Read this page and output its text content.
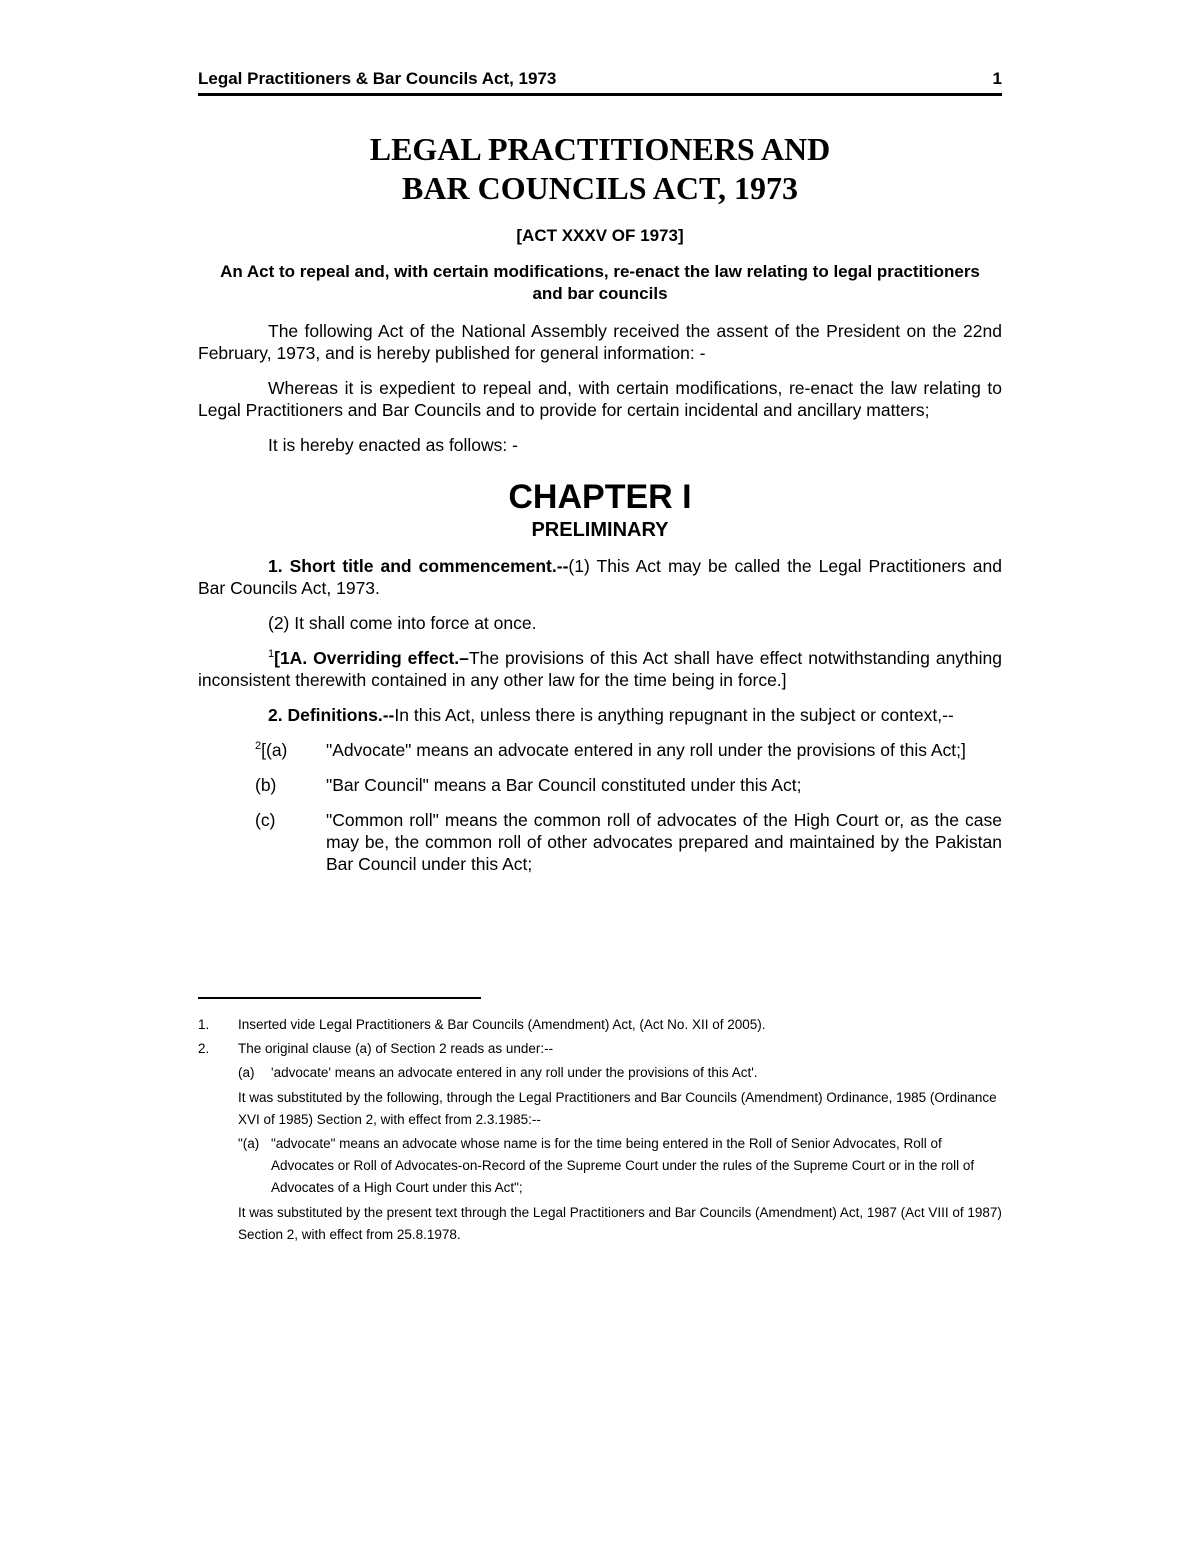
Legal Practitioners & Bar Councils Act, 1973	1
LEGAL PRACTITIONERS AND
BAR COUNCILS ACT, 1973
[ACT XXXV OF 1973]
An Act to repeal and, with certain modifications, re-enact the law relating to legal practitioners and bar councils

The following Act of the National Assembly received the assent of the President on the 22nd February, 1973, and is hereby published for general information: -

Whereas it is expedient to repeal and, with certain modifications, re-enact the law relating to Legal Practitioners and Bar Councils and to provide for certain incidental and ancillary matters;

It is hereby enacted as follows: -

CHAPTER I
PRELIMINARY

1. Short title and commencement.--(1) This Act may be called the Legal Practitioners and Bar Councils Act, 1973.

(2) It shall come into force at once.

$^1$[1A. Overriding effect.–The provisions of this Act shall have effect notwithstanding anything inconsistent therewith contained in any other law for the time being in force.]

2. Definitions.--In this Act, unless there is anything repugnant in the subject or context,--

$^2$[(a)	"Advocate" means an advocate entered in any roll under the provisions of this Act;]
(b)	"Bar Council" means a Bar Council constituted under this Act;
(c)	"Common roll" means the common roll of advocates of the High Court or, as the case may be, the common roll of other advocates prepared and maintained by the Pakistan Bar Council under this Act;
1.	Inserted vide Legal Practitioners & Bar Councils (Amendment) Act, (Act No. XII of 2005).
2.	The original clause (a) of Section 2 reads as under:--
(a)	'advocate' means an advocate entered in any roll under the provisions of this Act'.
It was substituted by the following, through the Legal Practitioners and Bar Councils (Amendment) Ordinance, 1985 (Ordinance XVI of 1985) Section 2, with effect from 2.3.1985:--
"(a) "advocate" means an advocate whose name is for the time being entered in the Roll of Senior Advocates, Roll of Advocates or Roll of Advocates-on-Record of the Supreme Court under the rules of the Supreme Court or in the roll of Advocates of a High Court under this Act";
It was substituted by the present text through the Legal Practitioners and Bar Councils (Amendment) Act, 1987 (Act VIII of 1987) Section 2, with effect from 25.8.1978.
